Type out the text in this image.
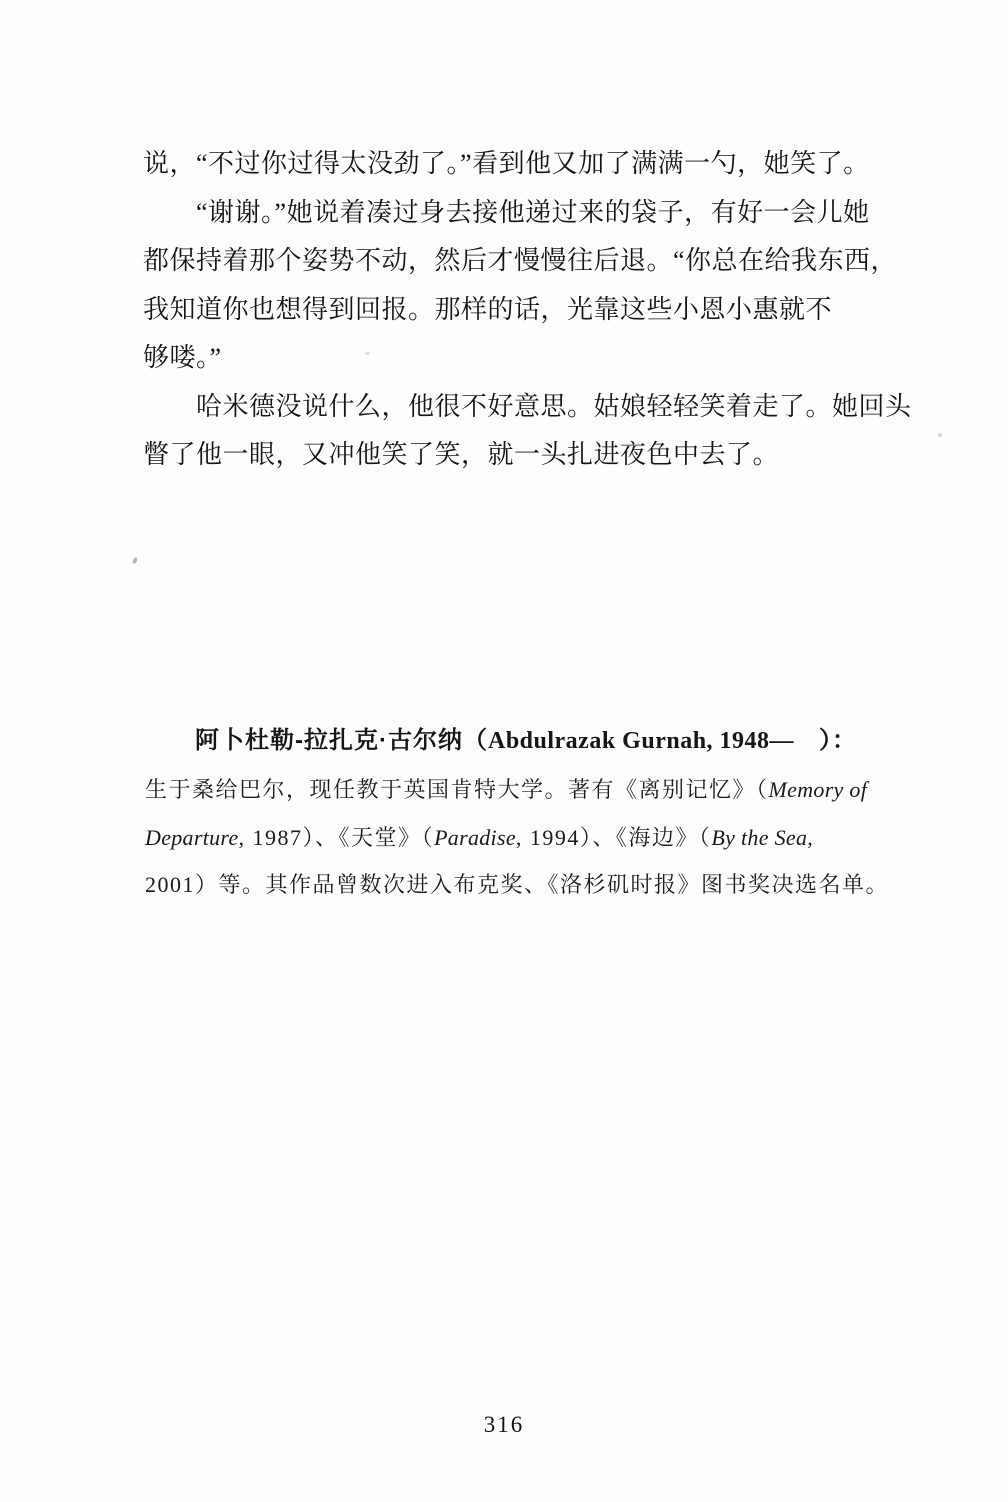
说，“不过你过得太没劲了。”看到他又加了满满一勺，她笑了。
“谢谢。”她说着凑过身去接他递过来的袋子，有好一会儿她
都保持着那个姿势不动，然后才慢慢往后退。“你总在给我东西，
我知道你也想得到回报。那样的话，光靠这些小恩小惠就不
够喽。”
哈米德没说什么，他很不好意思。姑娘轻轻笑着走了。她回头
瞥了他一眼，又冲他笑了笑，就一头扎进夜色中去了。
阿卜杜勒-拉扎克·古尔纳（Abdulrazak Gurnah, 1948—　）：
生于桑给巴尔，现任教于英国肯特大学。著有《离别记忆》（Memory of
Departure, 1987）、《天堂》（Paradise, 1994）、《海边》（By the Sea,
2001）等。其作品曾数次进入布克奖、《洛杉矶时报》图书奖决选名单。
316
